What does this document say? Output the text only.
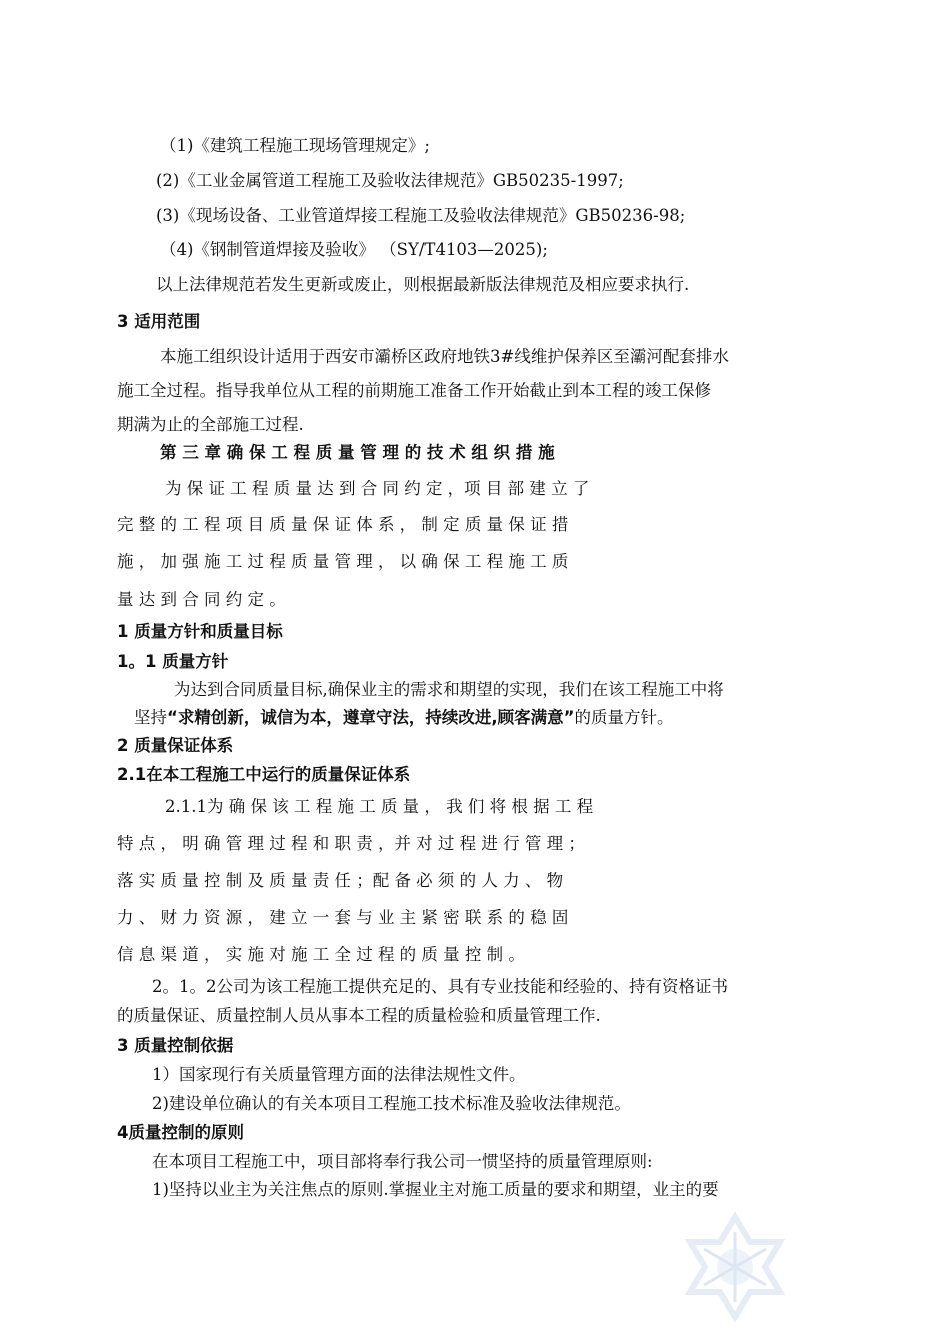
（1)《建筑工程施工现场管理规定》;
(2)《工业金属管道工程施工及验收法律规范》GB50235-1997;
(3)《现场设备、工业管道焊接工程施工及验收法律规范》GB50236-98;
（4)《钢制管道焊接及验收》 （SY/T4103—2025);
以上法律规范若发生更新或废止，则根据最新版法律规范及相应要求执行.
3 适用范围
本施工组织设计适用于西安市灞桥区政府地铁3#线维护保养区至灞河配套排水
施工全过程。指导我单位从工程的前期施工准备工作开始截止到本工程的竣工保修
期满为止的全部施工过程.
第 三 章 确 保 工 程 质 量 管 理 的 技 术 组 织 措 施
为 保 证 工 程 质 量 达 到 合 同 约 定 ，项 目 部 建 立 了
完 整 的 工 程 项 目 质 量 保 证 体 系 ， 制 定 质 量 保 证 措
施 ， 加 强 施 工 过 程 质 量 管 理 ， 以 确 保 工 程 施 工 质
量 达 到 合 同 约 定 。
1 质量方针和质量目标
1。1 质量方针
为达到合同质量目标,确保业主的需求和期望的实现，我们在该工程施工中将
坚持“求精创新，诚信为本，遵章守法，持续改进,顾客满意”的质量方针。
2 质量保证体系
2.1在本工程施工中运行的质量保证体系
2.1.1为 确 保 该 工 程 施 工 质 量 ， 我 们 将 根 据 工 程
特 点 ， 明 确 管 理 过 程 和 职 责 ，并 对 过 程 进 行 管 理 ；
落 实 质 量 控 制 及 质 量 责 任 ；配 备 必 须 的 人 力 、 物
力 、 财 力 资 源 ， 建 立 一 套 与 业 主 紧 密 联 系 的 稳 固
信 息 渠 道 ， 实 施 对 施 工 全 过 程 的 质 量 控 制 。
2。1。2公司为该工程施工提供充足的、具有专业技能和经验的、持有资格证书
的质量保证、质量控制人员从事本工程的质量检验和质量管理工作.
3 质量控制依据
1）国家现行有关质量管理方面的法律法规性文件。
2)建设单位确认的有关本项目工程施工技术标准及验收法律规范。
4质量控制的原则
在本项目工程施工中，项目部将奉行我公司一惯坚持的质量管理原则:
1)坚持以业主为关注焦点的原则.掌握业主对施工质量的要求和期望，业主的要
